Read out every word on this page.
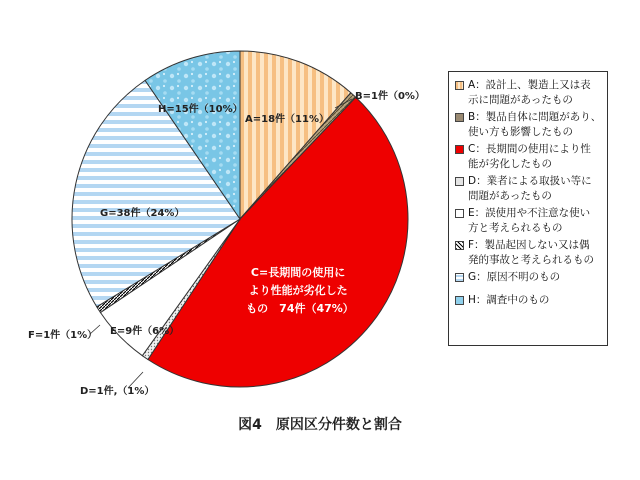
A=18件（11%）
B=1件（0%）
C=長期間の使用に より性能が劣化した もの　74件（47%）
D=1件,（1%）
E=9件（6%）
F=1件（1%）
G=38件（24%）
H=15件（10%）
A：設計上、製造上又は表
示に問題があったもの
B：製品自体に問題があり、
使い方も影響したもの
C：長期間の使用により性
能が劣化したもの
D：業者による取扱い等に
問題があったもの
E：誤使用や不注意な使い
方と考えられるもの
F：製品起因しない又は偶
発的事故と考えられるもの
G：原因不明のもの
H：調査中のもの
図4　原因区分件数と割合
